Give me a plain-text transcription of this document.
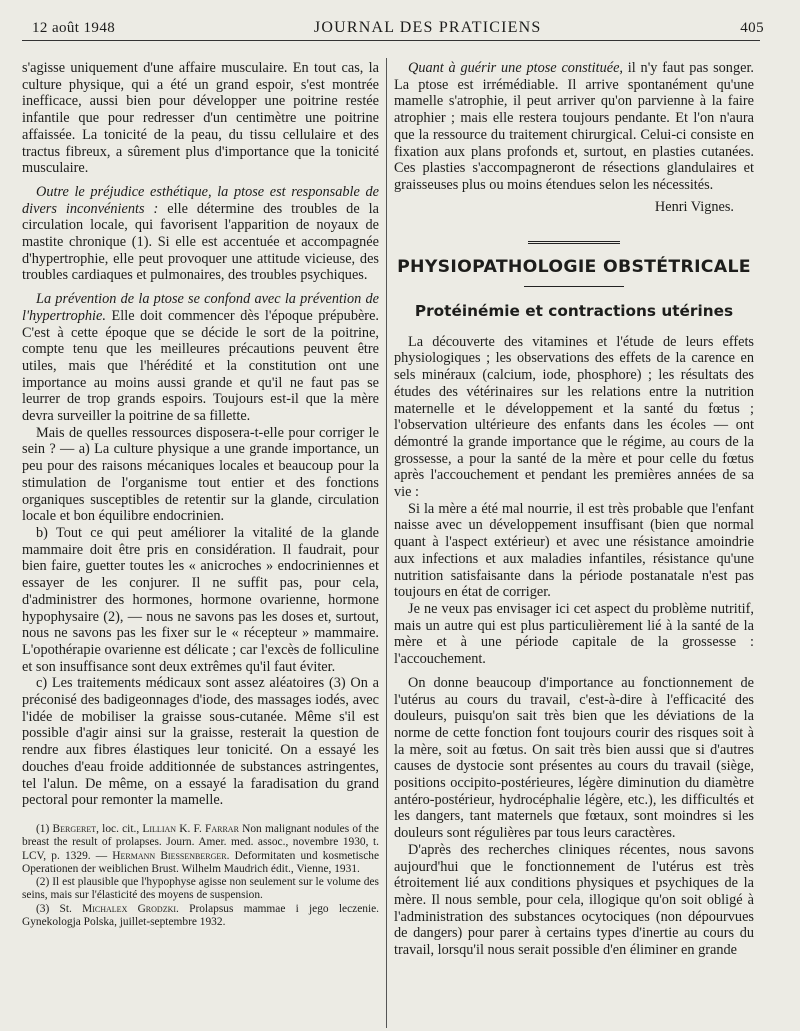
12 août 1948	JOURNAL DES PRATICIENS	405

s'agisse uniquement d'une affaire musculaire. En tout cas, la culture physique, qui a été un grand espoir, s'est montrée inefficace, aussi bien pour développer une poitrine restée infantile que pour redresser d'un centimètre une poitrine affaissée. La tonicité de la peau, du tissu cellulaire et des tractus fibreux, a sûrement plus d'importance que la tonicité musculaire.

Outre le préjudice esthétique, la ptose est responsable de divers inconvénients : elle détermine des troubles de la circulation locale, qui favorisent l'apparition de noyaux de mastite chronique (1). Si elle est accentuée et accompagnée d'hypertrophie, elle peut provoquer une attitude vicieuse, des troubles cardiaques et pulmonaires, des troubles psychiques.

La prévention de la ptose se confond avec la prévention de l'hypertrophie. Elle doit commencer dès l'époque prépubère. C'est à cette époque que se décide le sort de la poitrine, compte tenu que les meilleures précautions peuvent être utiles, mais que l'hérédité et la constitution ont une importance au moins aussi grande et qu'il ne faut pas se leurrer de trop grands espoirs. Toujours est-il que la mère devra surveiller la poitrine de sa fillette.

Mais de quelles ressources disposera-t-elle pour corriger le sein ? — a) La culture physique a une grande importance, un peu pour des raisons mécaniques locales et beaucoup pour la stimulation de l'organisme tout entier et des fonctions organiques susceptibles de retentir sur la glande, circulation locale et bon équilibre endocrinien.

b) Tout ce qui peut améliorer la vitalité de la glande mammaire doit être pris en considération. Il faudrait, pour bien faire, guetter toutes les « anicroches » endocriniennes et essayer de les conjurer. Il ne suffit pas, pour cela, d'administrer des hormones, hormone ovarienne, hormone hypophysaire (2), — nous ne savons pas les doses et, surtout, nous ne savons pas les fixer sur le « récepteur » mammaire. L'opothérapie ovarienne est délicate ; car l'excès de folliculine et son insuffisance sont deux extrêmes qu'il faut éviter.

c) Les traitements médicaux sont assez aléatoires (3) On a préconisé des badigeonnages d'iode, des massages iodés, avec l'idée de mobiliser la graisse sous-cutanée. Même s'il est possible d'agir ainsi sur la graisse, resterait la question de rendre aux fibres élastiques leur tonicité. On a essayé les douches d'eau froide additionnée de substances astringentes, tel l'alun. De même, on a essayé la faradisation du grand pectoral pour remonter la mamelle.

(1) Bergeret, loc. cit., Lillian K. F. Farrar Non malignant nodules of the breast the result of prolapses. Journ. Amer. med. assoc., novembre 1930, t. LCV, p. 1329. — Hermann Biessenberger. Deformitaten und kosmetische Operationen der weiblichen Brust. Wilhelm Maudrich édit., Vienne, 1931.

(2) Il est plausible que l'hypophyse agisse non seulement sur le volume des seins, mais sur l'élasticité des moyens de suspension.

(3) St. Michalex Grodzki. Prolapsus mammae i jego leczenie. Gynekologja Polska, juillet-septembre 1932.

Quant à guérir une ptose constituée, il n'y faut pas songer. La ptose est irrémédiable. Il arrive spontanément qu'une mamelle s'atrophie, il peut arriver qu'on parvienne à la faire atrophier ; mais elle restera toujours pendante. Et l'on n'aura que la ressource du traitement chirurgical. Celui-ci consiste en fixation aux plans profonds et, surtout, en plasties cutanées. Ces plasties s'accompagneront de résections glandulaires et graisseuses plus ou moins étendues selon les nécessités.

Henri Vignes.
PHYSIOPATHOLOGIE OBSTÉTRICALE
Protéinémie et contractions utérines

La découverte des vitamines et l'étude de leurs effets physiologiques ; les observations des effets de la carence en sels minéraux (calcium, iode, phosphore) ; les résultats des études des vétérinaires sur les relations entre la nutrition maternelle et le développement et la santé du fœtus ; l'observation ultérieure des enfants dans les écoles — ont démontré la grande importance que le régime, au cours de la grossesse, a pour la santé de la mère et pour celle du fœtus après l'accouchement et pendant les premières années de sa vie :

Si la mère a été mal nourrie, il est très probable que l'enfant naisse avec un développement insuffisant (bien que normal quant à l'aspect extérieur) et avec une résistance amoindrie aux infections et aux maladies infantiles, résistance qu'une nutrition satisfaisante dans la période postanatale n'est pas toujours en état de corriger.

Je ne veux pas envisager ici cet aspect du problème nutritif, mais un autre qui est plus particulièrement lié à la santé de la mère et à une période capitale de la grossesse : l'accouchement.

On donne beaucoup d'importance au fonctionnement de l'utérus au cours du travail, c'est-à-dire à l'efficacité des douleurs, puisqu'on sait très bien que les déviations de la norme de cette fonction font toujours courir des risques soit à la mère, soit au fœtus. On sait très bien aussi que si d'autres causes de dystocie sont présentes au cours du travail (siège, positions occipito-postérieures, légère diminution du diamètre antéro-postérieur, hydrocéphalie légère, etc.), les difficultés et les dangers, tant maternels que fœtaux, sont moindres si les douleurs sont régulières par tous leurs caractères.

D'après des recherches cliniques récentes, nous savons aujourd'hui que le fonctionnement de l'utérus est très étroitement lié aux conditions physiques et psychiques de la mère. Il nous semble, pour cela, illogique qu'on soit obligé à l'administration des substances ocytociques (non dépourvues de dangers) pour parer à certains types d'inertie au cours du travail, lorsqu'il nous serait possible d'en éliminer en grande
